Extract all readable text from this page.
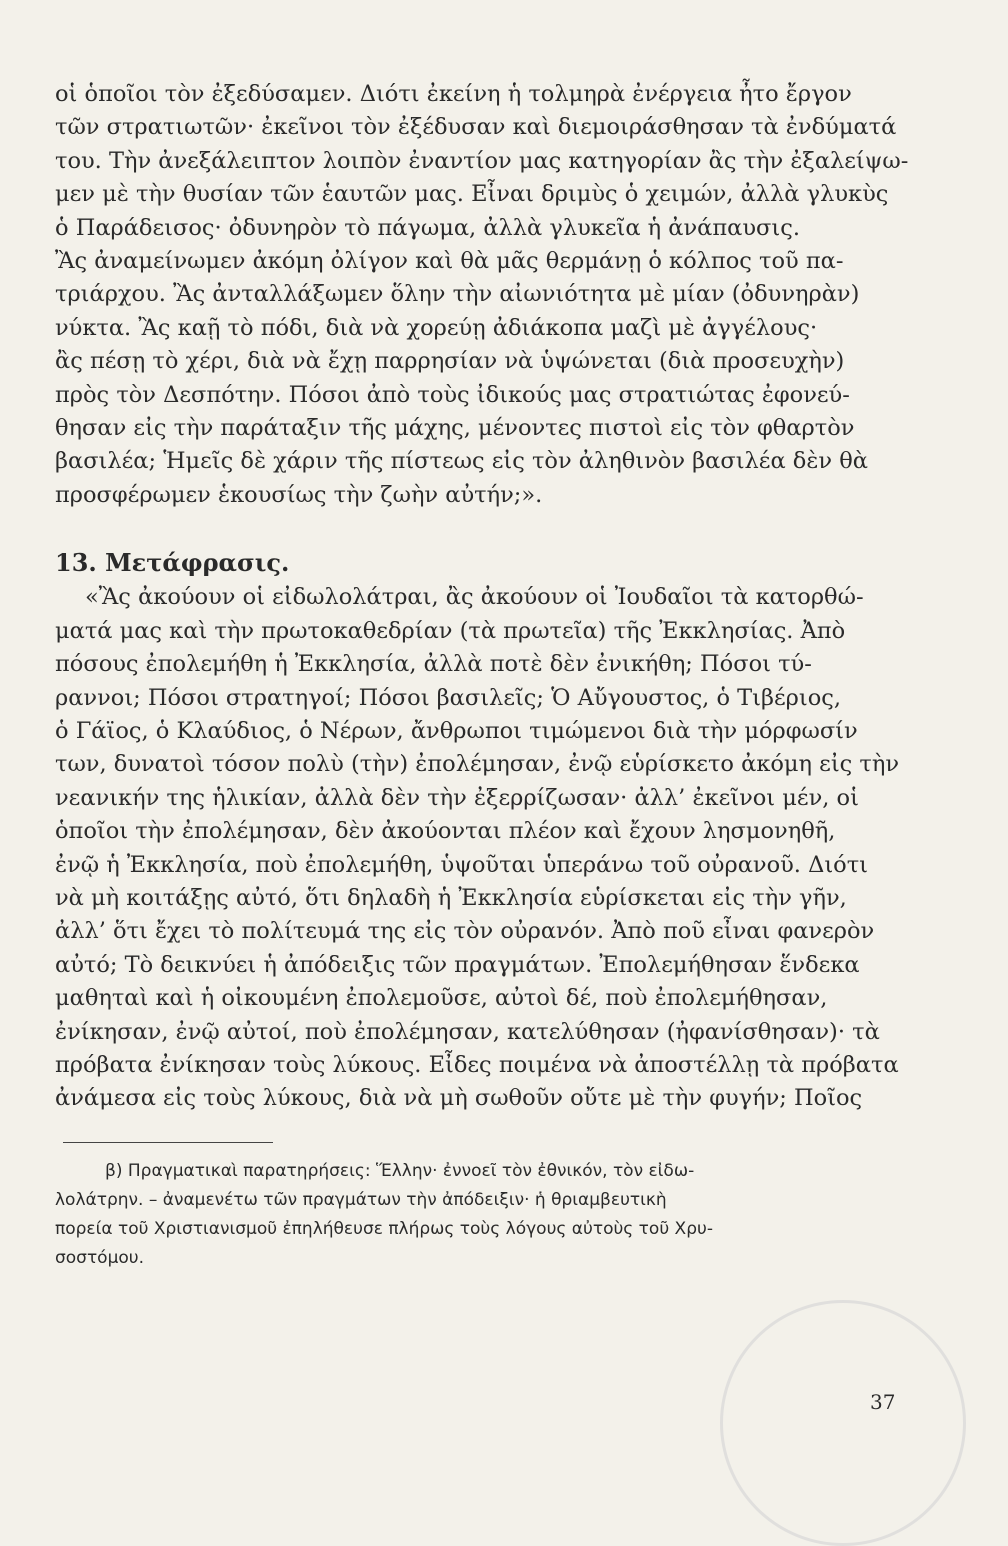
οἱ ὁποῖοι τὸν ἐξεδύσαμεν. Διότι ἐκείνη ἡ τολμηρὰ ἐνέργεια ἦτο ἔργον
τῶν στρατιωτῶν· ἐκεῖνοι τὸν ἐξέδυσαν καὶ διεμοιράσθησαν τὰ ἐνδύματά
του. Τὴν ἀνεξάλειπτον λοιπὸν ἐναντίον μας κατηγορίαν ἂς τὴν ἐξαλείψω-
μεν μὲ τὴν θυσίαν τῶν ἑαυτῶν μας. Εἶναι δριμὺς ὁ χειμών, ἀλλὰ γλυκὺς
ὁ Παράδεισος· ὀδυνηρὸν τὸ πάγωμα, ἀλλὰ γλυκεῖα ἡ ἀνάπαυσις.
Ἂς ἀναμείνωμεν ἀκόμη ὀλίγον καὶ θὰ μᾶς θερμάνῃ ὁ κόλπος τοῦ πα-
τριάρχου. Ἂς ἀνταλλάξωμεν ὅλην τὴν αἰωνιότητα μὲ μίαν (ὀδυνηρὰν)
νύκτα. Ἂς καῇ τὸ πόδι, διὰ νὰ χορεύῃ ἀδιάκοπα μαζὶ μὲ ἀγγέλους·
ἂς πέσῃ τὸ χέρι, διὰ νὰ ἔχῃ παρρησίαν νὰ ὑψώνεται (διὰ προσευχὴν)
πρὸς τὸν Δεσπότην. Πόσοι ἀπὸ τοὺς ἰδικούς μας στρατιώτας ἐφονεύ-
θησαν εἰς τὴν παράταξιν τῆς μάχης, μένοντες πιστοὶ εἰς τὸν φθαρτὸν
βασιλέα; Ἡμεῖς δὲ χάριν τῆς πίστεως εἰς τὸν ἀληθινὸν βασιλέα δὲν θὰ
προσφέρωμεν ἑκουσίως τὴν ζωὴν αὐτήν;».

13. Μετάφρασις.

«Ἂς ἀκούουν οἱ εἰδωλολάτραι, ἂς ἀκούουν οἱ Ἰουδαῖοι τὰ κατορθώ-
ματά μας καὶ τὴν πρωτοκαθεδρίαν (τὰ πρωτεῖα) τῆς Ἐκκλησίας. Ἀπὸ
πόσους ἐπολεμήθη ἡ Ἐκκλησία, ἀλλὰ ποτὲ δὲν ἐνικήθη; Πόσοι τύ-
ραννοι; Πόσοι στρατηγοί; Πόσοι βασιλεῖς; Ὁ Αὔγουστος, ὁ Τιβέριος,
ὁ Γάϊος, ὁ Κλαύδιος, ὁ Νέρων, ἄνθρωποι τιμώμενοι διὰ τὴν μόρφωσίν
των, δυνατοὶ τόσον πολὺ (τὴν) ἐπολέμησαν, ἐνῷ εὑρίσκετο ἀκόμη εἰς τὴν
νεανικήν της ἡλικίαν, ἀλλὰ δὲν τὴν ἐξερρίζωσαν· ἀλλ’ ἐκεῖνοι μέν, οἱ
ὁποῖοι τὴν ἐπολέμησαν, δὲν ἀκούονται πλέον καὶ ἔχουν λησμονηθῆ,
ἐνῷ ἡ Ἐκκλησία, ποὺ ἐπολεμήθη, ὑψοῦται ὑπεράνω τοῦ οὐρανοῦ. Διότι
νὰ μὴ κοιτάξῃς αὐτό, ὅτι δηλαδὴ ἡ Ἐκκλησία εὑρίσκεται εἰς τὴν γῆν,
ἀλλ’ ὅτι ἔχει τὸ πολίτευμά της εἰς τὸν οὐρανόν. Ἀπὸ ποῦ εἶναι φανερὸν
αὐτό; Τὸ δεικνύει ἡ ἀπόδειξις τῶν πραγμάτων. Ἐπολεμήθησαν ἕνδεκα
μαθηταὶ καὶ ἡ οἰκουμένη ἐπολεμοῦσε, αὐτοὶ δέ, ποὺ ἐπολεμήθησαν,
ἐνίκησαν, ἐνῷ αὐτοί, ποὺ ἐπολέμησαν, κατελύθησαν (ἠφανίσθησαν)· τὰ
πρόβατα ἐνίκησαν τοὺς λύκους. Εἶδες ποιμένα νὰ ἀποστέλλῃ τὰ πρόβατα
ἀνάμεσα εἰς τοὺς λύκους, διὰ νὰ μὴ σωθοῦν οὔτε μὲ τὴν φυγήν; Ποῖος

β) Πραγματικαὶ παρατηρήσεις: Ἕλλην· ἐννοεῖ τὸν ἐθνικόν, τὸν εἰδω-
λολάτρην. – ἀναμενέτω τῶν πραγμάτων τὴν ἀπόδειξιν· ἡ θριαμβευτικὴ
πορεία τοῦ Χριστιανισμοῦ ἐπηλήθευσε πλήρως τοὺς λόγους αὐτοὺς τοῦ Χρυ-
σοστόμου.

37
